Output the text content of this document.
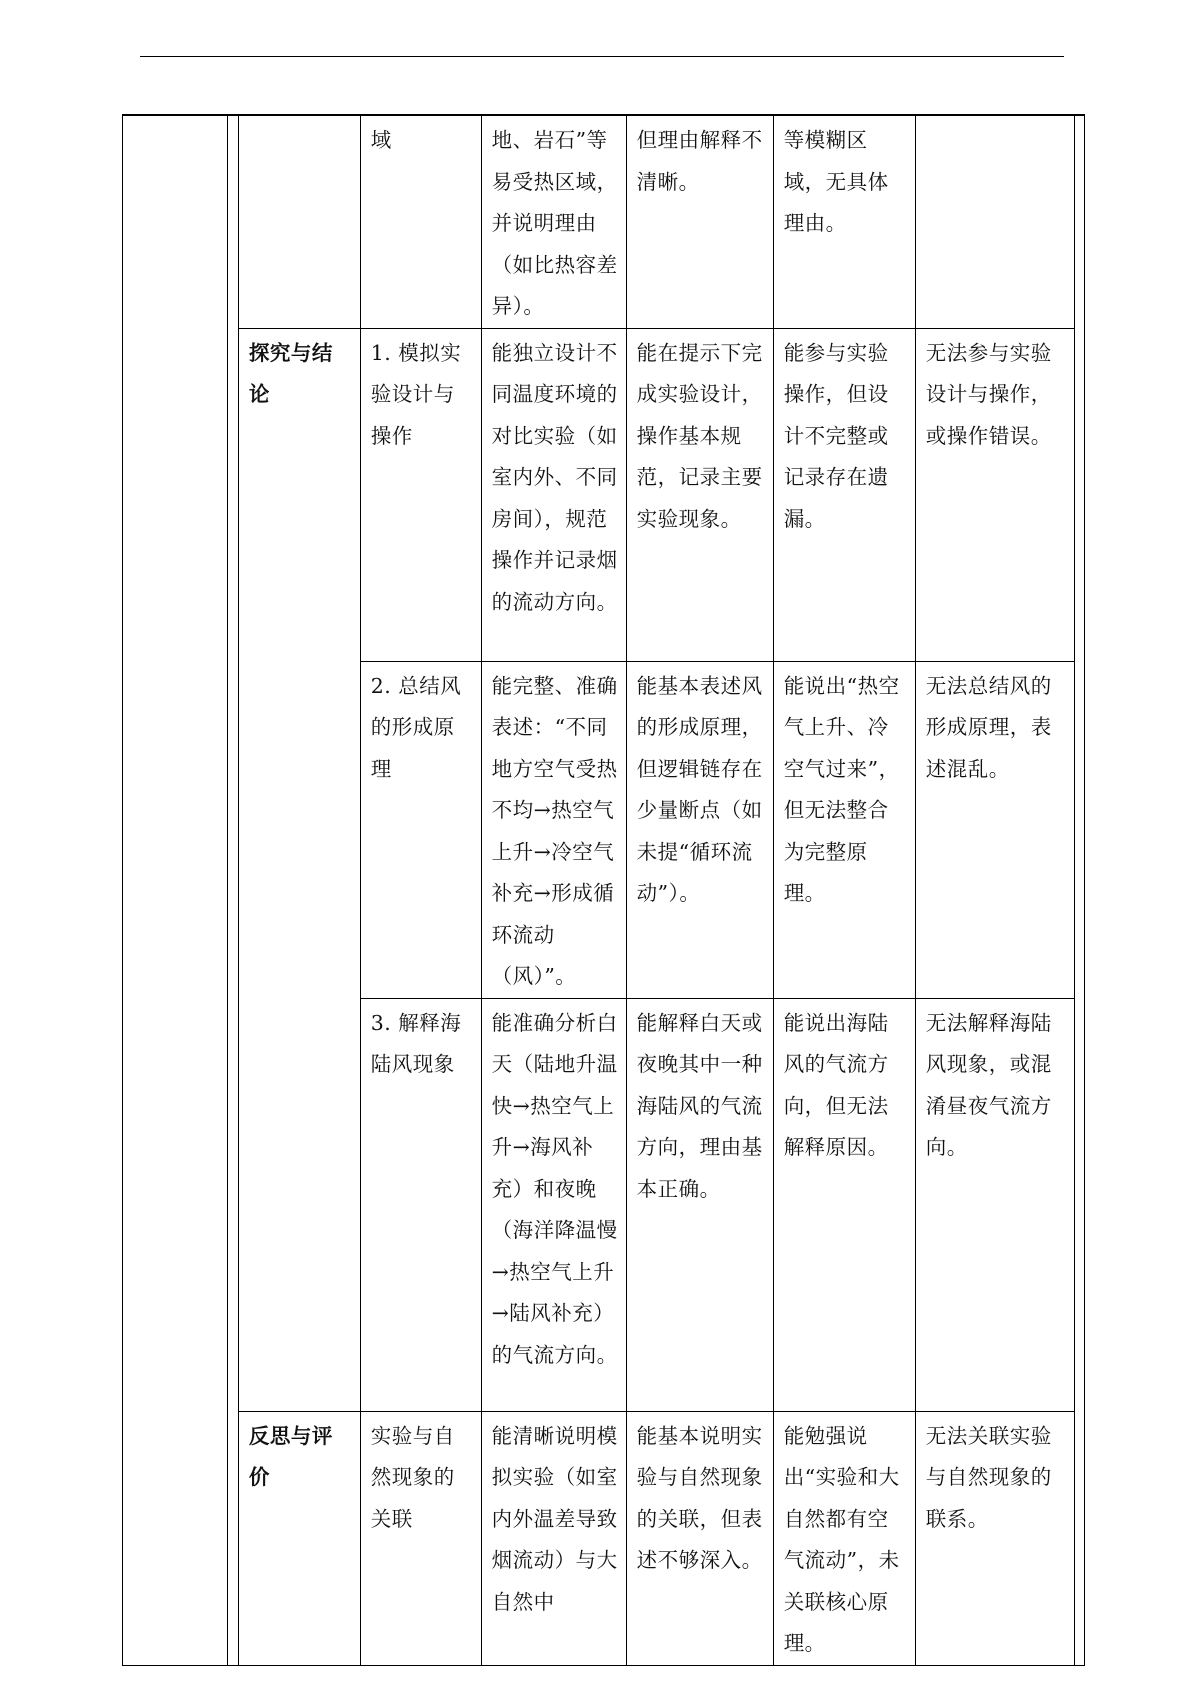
			域	地、岩石”等易受热区域，并说明理由（如比热容差异）。	但理由解释不清晰。	等模糊区域，无具体理由。		
		探究与结论	1. 模拟实验设计与操作	能独立设计不同温度环境的对比实验（如室内外、不同房间），规范操作并记录烟的流动方向。	能在提示下完成实验设计，操作基本规范，记录主要实验现象。	能参与实验操作，但设计不完整或记录存在遗漏。	无法参与实验设计与操作，或操作错误。	
			2. 总结风的形成原理	能完整、准确表述：“不同地方空气受热不均→热空气上升→冷空气补充→形成循环流动（风）”。	能基本表述风的形成原理，但逻辑链存在少量断点（如未提“循环流动”）。	能说出“热空气上升、冷空气过来”，但无法整合为完整原理。	无法总结风的形成原理，表述混乱。	
			3. 解释海陆风现象	能准确分析白天（陆地升温快→热空气上升→海风补充）和夜晚（海洋降温慢→热空气上升→陆风补充）的气流方向。	能解释白天或夜晚其中一种海陆风的气流方向，理由基本正确。	能说出海陆风的气流方向，但无法解释原因。	无法解释海陆风现象，或混淆昼夜气流方向。	
		反思与评价	实验与自然现象的关联	能清晰说明模拟实验（如室内外温差导致烟流动）与大自然中	能基本说明实验与自然现象的关联，但表述不够深入。	能勉强说出“实验和大自然都有空气流动”，未关联核心原理。	无法关联实验与自然现象的联系。	
